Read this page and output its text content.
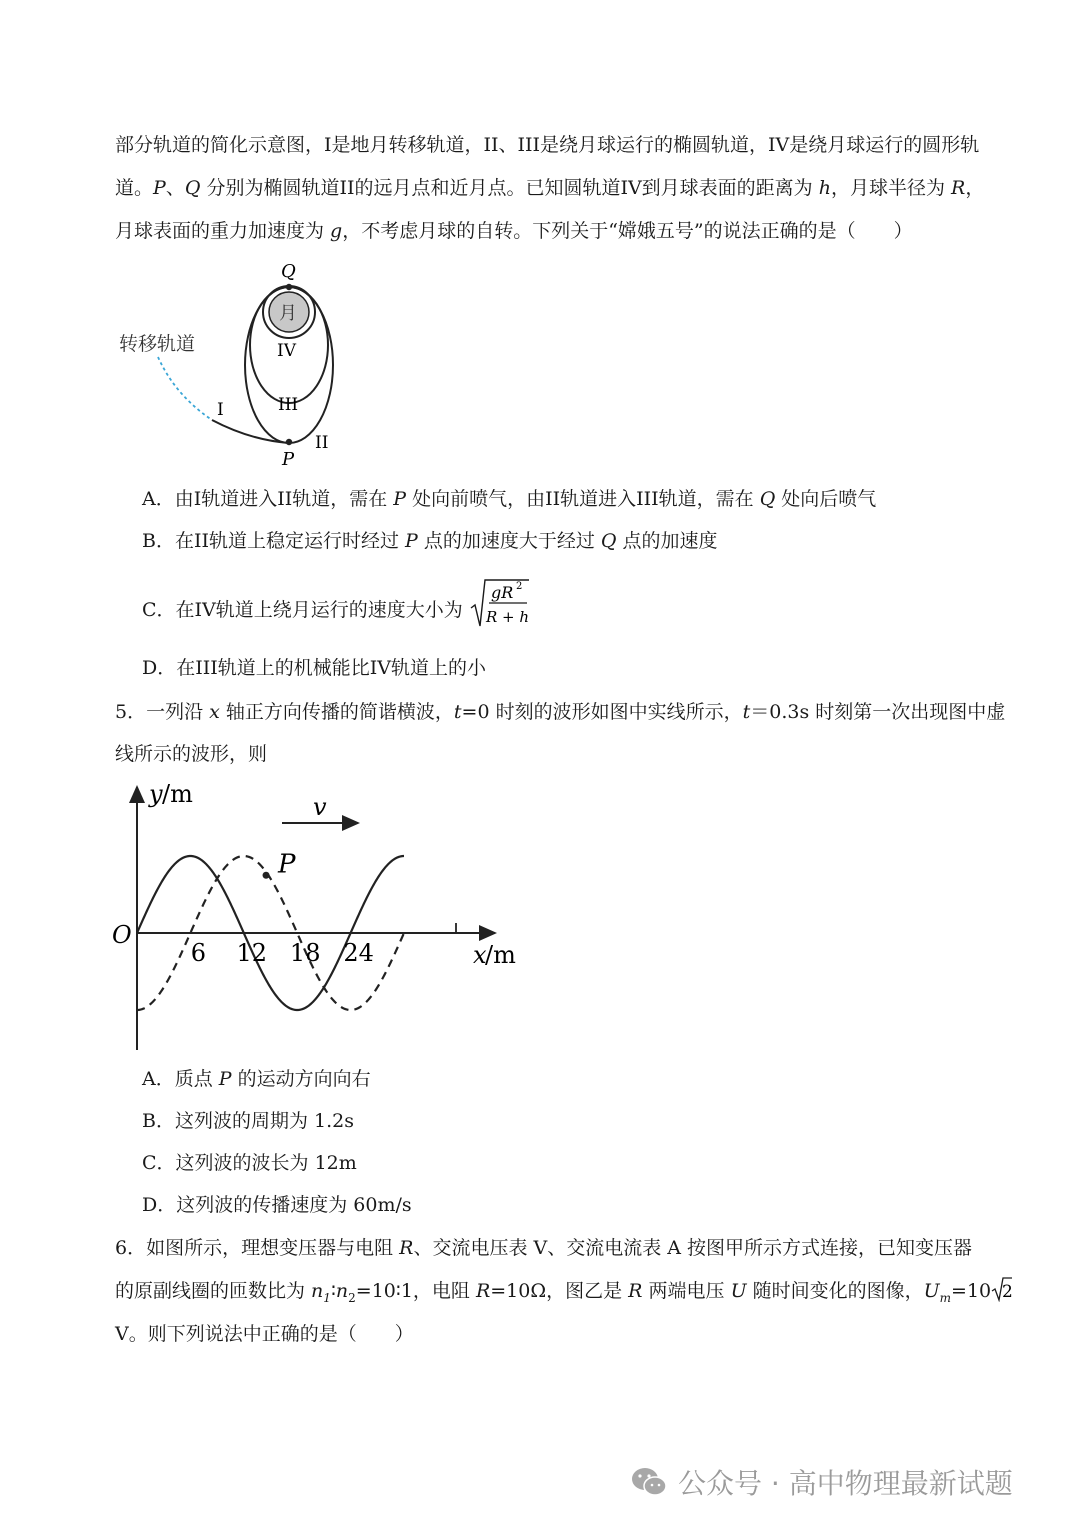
部分轨道的简化示意图，I是地月转移轨道，II、III是绕月球运行的椭圆轨道，IV是绕月球运行的圆形轨
道。P、Q 分别为椭圆轨道II的远月点和近月点。已知圆轨道IV到月球表面的距离为 h，月球半径为 R，
月球表面的重力加速度为 g，不考虑月球的自转。下列关于“嫦娥五号”的说法正确的是（　　）
Q
月
IV
III
I
II
P
转移轨道
A．由I轨道进入II轨道，需在 P 处向前喷气，由II轨道进入III轨道，需在 Q 处向后喷气
B．在II轨道上稳定运行时经过 P 点的加速度大于经过 Q 点的加速度
C．在IV轨道上绕月运行的速度大小为
gR 2
R + h
D．在III轨道上的机械能比IV轨道上的小
5．一列沿 x 轴正方向传播的简谐横波，t=0 时刻的波形如图中实线所示，t＝0.3s 时刻第一次出现图中虚
线所示的波形，则
y /m
x
/m
O
v
6 12 18 24
P
A．质点 P 的运动方向向右
B．这列波的周期为 1.2s
C．这列波的波长为 12m
D．这列波的传播速度为 60m/s
6．如图所示，理想变压器与电阻 R、交流电压表 V、交流电流表 A 按图甲所示方式连接，已知变压器
的原副线圈的匝数比为 $n_1∶n_2=10∶1$，电阻 R=10Ω，图乙是 R 两端电压 U 随时间变化的图像，$U_m=10$ 2
V。则下列说法中正确的是（　　）
公众号 · 高中物理最新试题
